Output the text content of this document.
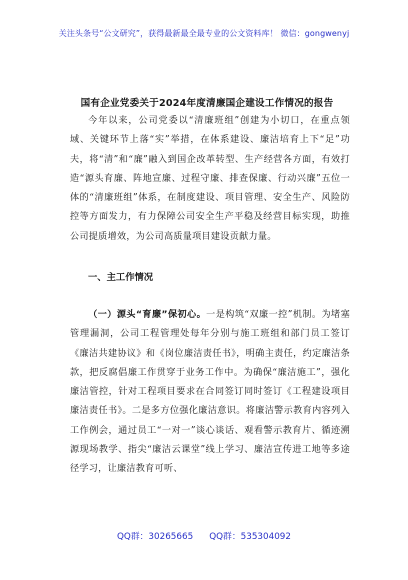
关注头条号“公文研究”，获得最新最全最专业的公文资料库！ 微信：gongwenyj
国有企业党委关于2024年度清廉国企建设工作情况的报告
今年以来，公司党委以“清廉班组”创建为小切口，在重点领域、关键环节上落“实”举措，在体系建设、廉洁培育上下“足”功夫，将“清”和“廉”融入到国企改革转型、生产经营各方面，有效打造“源头育廉、阵地宣廉、过程守廉、排查保廉、行动兴廉”五位一体的“清廉班组”体系，在制度建设、项目管理、安全生产、风险防控等方面发力，有力保障公司安全生产平稳及经营目标实现，助推公司提质增效，为公司高质量项目建设贡献力量。
一、主工作情况
（一）源头“育廉”保初心。一是构筑“双廉一控”机制。为堵塞管理漏洞，公司工程管理处每年分别与施工班组和部门员工签订《廉洁共建协议》和《岗位廉洁责任书》，明确主责任，约定廉洁条款，把反腐倡廉工作贯穿于业务工作中。为确保“廉洁施工”，强化廉洁管控，针对工程项目要求在合同签订同时签订《工程建设项目廉洁责任书》。二是多方位强化廉洁意识。将廉洁警示教育内容列入工作例会，通过员工“一对一”谈心谈话、观看警示教育片、循迹溯源现场教学、指尖“廉洁云课堂”线上学习、廉洁宣传进工地等多途径学习，让廉洁教育可听、
QQ群：30265665 QQ群：535304092
